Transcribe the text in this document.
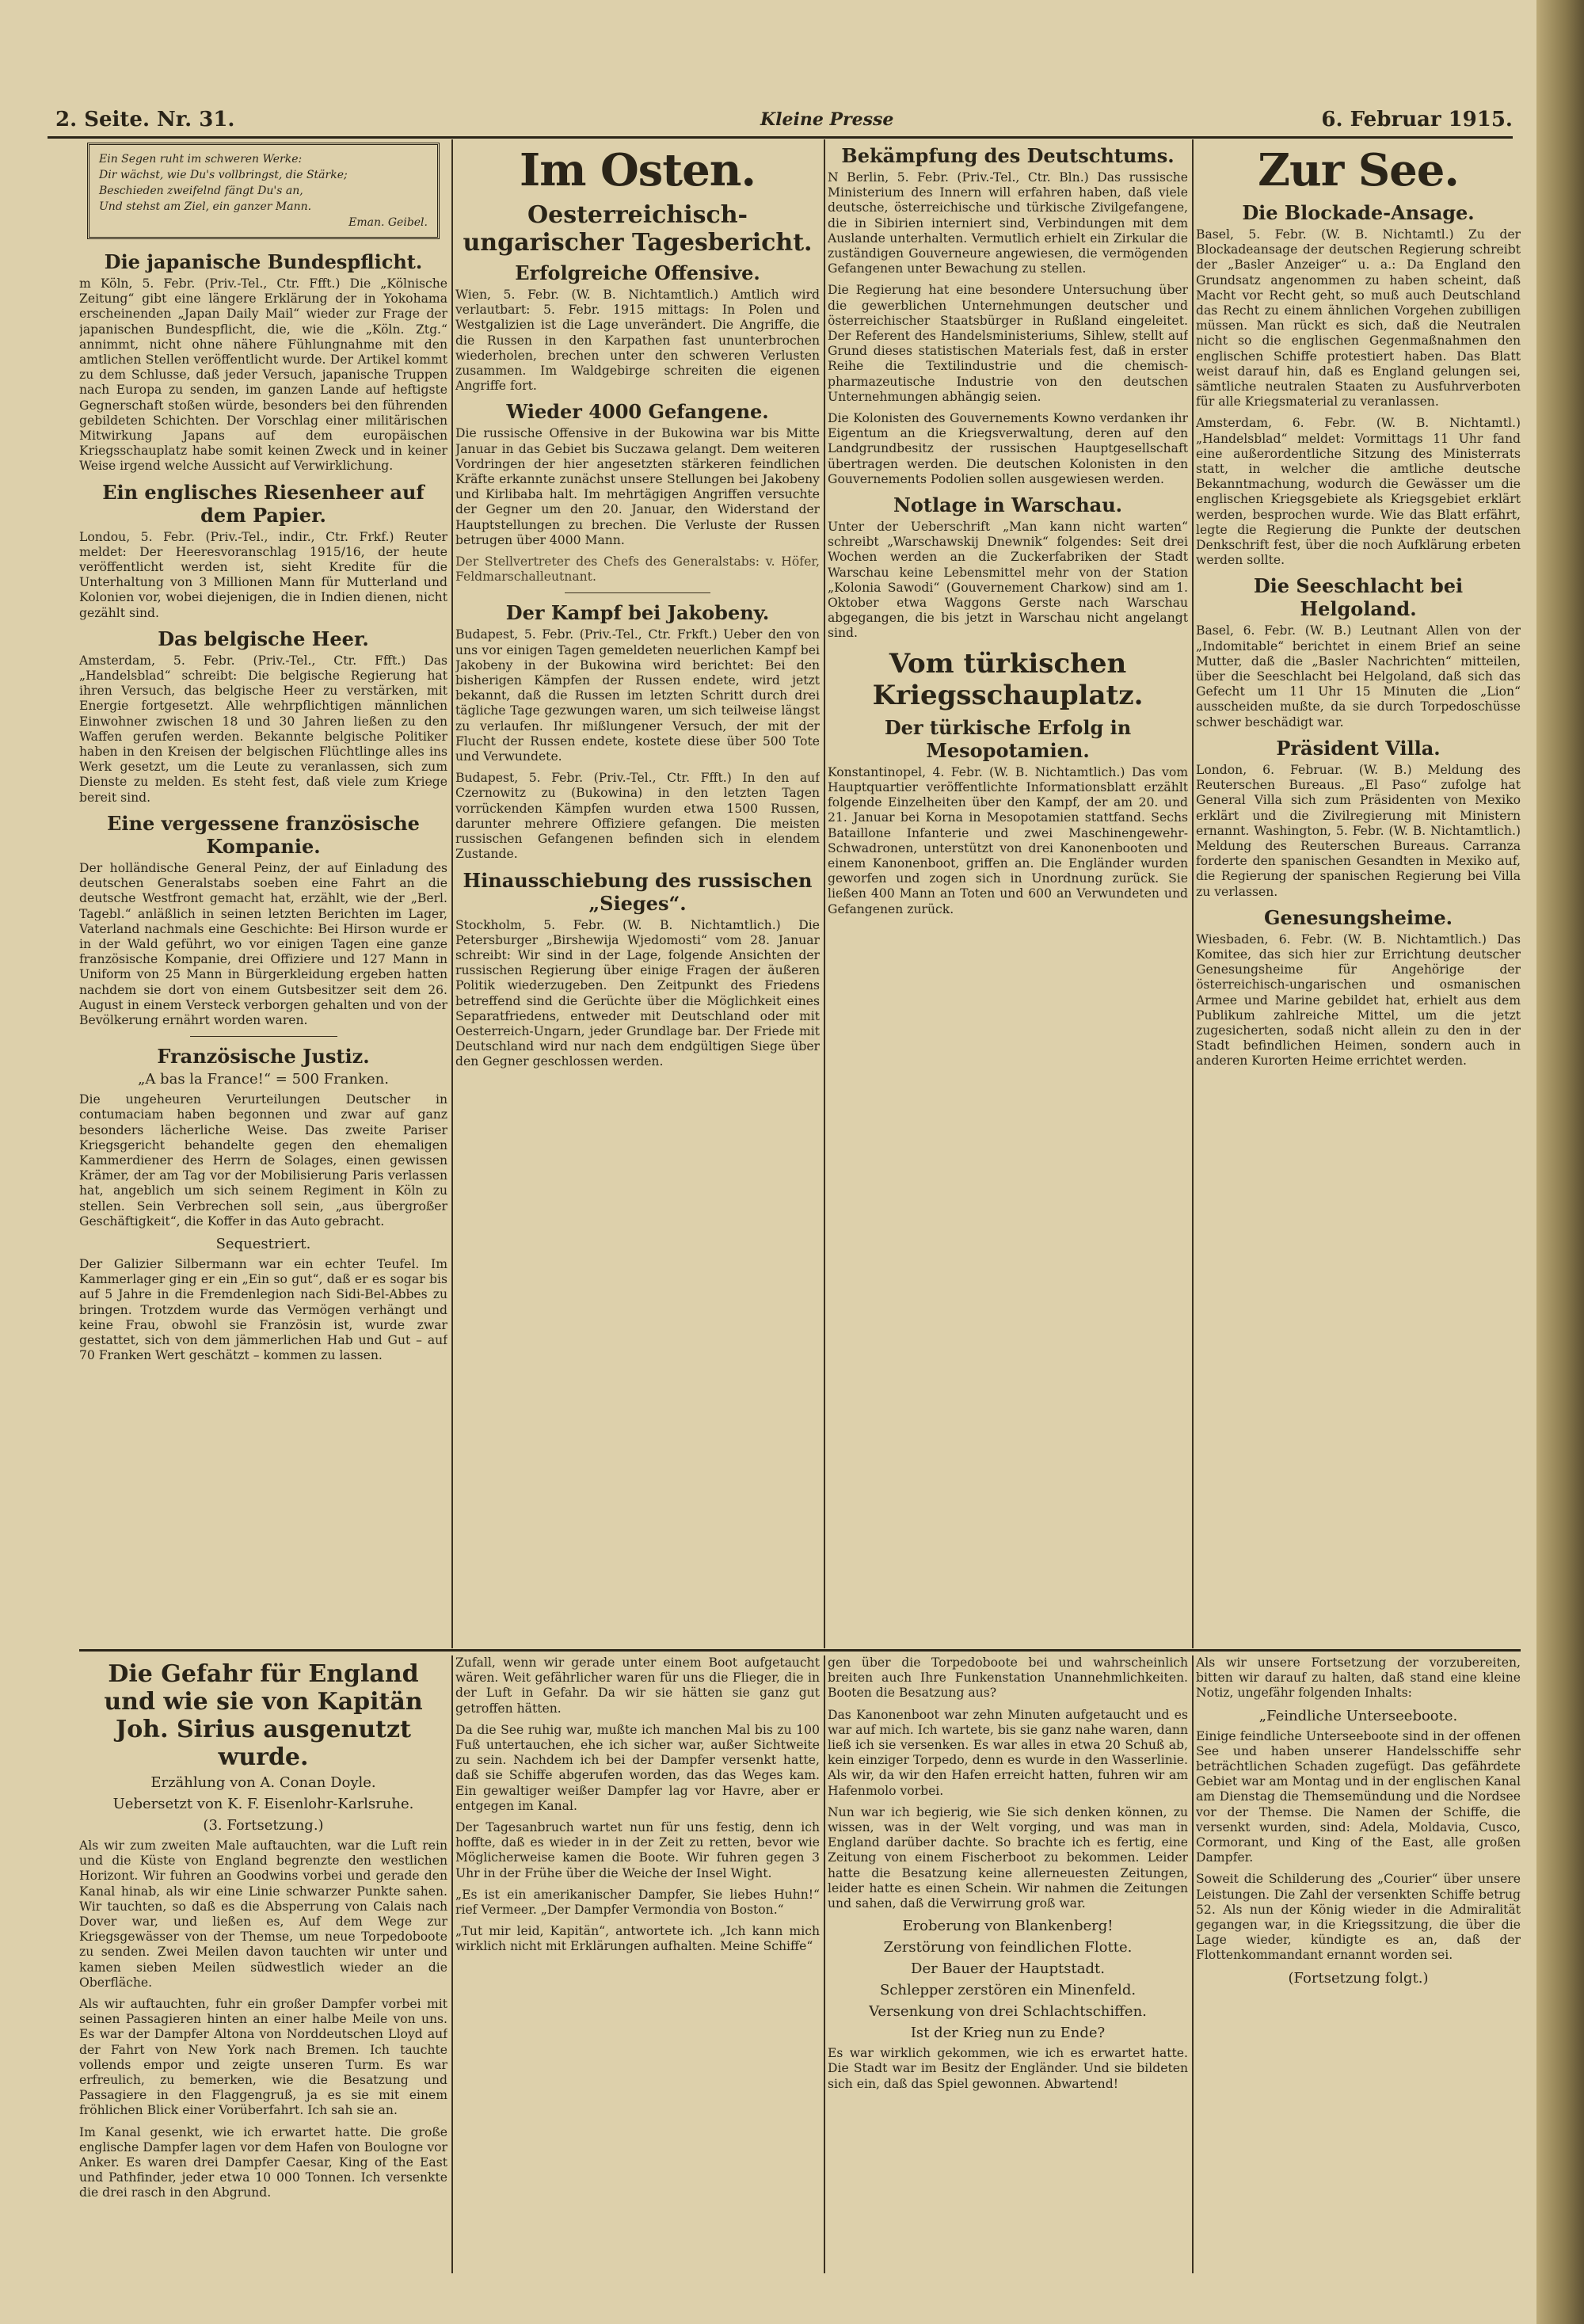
2. Seite. Nr. 31.	Kleine Presse	6. Februar 1915.
Ein Segen ruht im schweren Werke:
Dir wächst, wie Du's vollbringst, die Stärke;
Beschieden zweifelnd fängt Du's an,
Und stehst am Ziel, ein ganzer Mann.
Eman. Geibel.
Die japanische Bundespflicht.

m Köln, 5. Febr. (Priv.-Tel., Ctr. Ffft.) Die „Kölnische Zeitung“ gibt eine längere Erklärung der in Yokohama erscheinenden „Japan Daily Mail“ wieder zur Frage der japanischen Bundespflicht, die, wie die „Köln. Ztg.“ annimmt, nicht ohne nähere Fühlungnahme mit den amtlichen Stellen veröffentlicht wurde. Der Artikel kommt zu dem Schlusse, daß jeder Versuch, japanische Truppen nach Europa zu senden, im ganzen Lande auf heftigste Gegnerschaft stoßen würde, besonders bei den führenden gebildeten Schichten. Der Vorschlag einer militärischen Mitwirkung Japans auf dem europäischen Kriegsschauplatz habe somit keinen Zweck und in keiner Weise irgend welche Aussicht auf Verwirklichung.

Ein englisches Riesenheer auf dem Papier.

Londou, 5. Febr. (Priv.-Tel., indir., Ctr. Frkf.) Reuter meldet: Der Heeresvoranschlag 1915/16, der heute veröffentlicht werden ist, sieht Kredite für die Unterhaltung von 3 Millionen Mann für Mutterland und Kolonien vor, wobei diejenigen, die in Indien dienen, nicht gezählt sind.

Das belgische Heer.

Amsterdam, 5. Febr. (Priv.-Tel., Ctr. Ffft.) Das „Handelsblad“ schreibt: Die belgische Regierung hat ihren Versuch, das belgische Heer zu verstärken, mit Energie fortgesetzt. Alle wehrpflichtigen männlichen Einwohner zwischen 18 und 30 Jahren ließen zu den Waffen gerufen werden. Bekannte belgische Politiker haben in den Kreisen der belgischen Flüchtlinge alles ins Werk gesetzt, um die Leute zu veranlassen, sich zum Dienste zu melden. Es steht fest, daß viele zum Kriege bereit sind.

Eine vergessene französische Kompanie.

Der holländische General Peinz, der auf Einladung des deutschen Generalstabs soeben eine Fahrt an die deutsche Westfront gemacht hat, erzählt, wie der „Berl. Tagebl.“ anläßlich in seinen letzten Berichten im Lager, Vaterland nachmals eine Geschichte: Bei Hirson wurde er in der Wald geführt, wo vor einigen Tagen eine ganze französische Kompanie, drei Offiziere und 127 Mann in Uniform von 25 Mann in Bürgerkleidung ergeben hatten nachdem sie dort von einem Gutsbesitzer seit dem 26. August in einem Versteck verborgen gehalten und von der Bevölkerung ernährt worden waren.

Französische Justiz.
„A bas la France!“ = 500 Franken.

Die ungeheuren Verurteilungen Deutscher in contumaciam haben begonnen und zwar auf ganz besonders lächerliche Weise. Das zweite Pariser Kriegsgericht behandelte gegen den ehemaligen Kammerdiener des Herrn de Solages, einen gewissen Krämer, der am Tag vor der Mobilisierung Paris verlassen hat, angeblich um sich seinem Regiment in Köln zu stellen. Sein Verbrechen soll sein, „aus übergroßer Geschäftigkeit“, die Koffer in das Auto gebracht.

Sequestriert.

Der Galizier Silbermann war ein echter Teufel. Im Kammerlager ging er ein „Ein so gut“, daß er es sogar bis auf 5 Jahre in die Fremdenlegion nach Sidi-Bel-Abbes zu bringen. Trotzdem wurde das Vermögen verhängt und keine Frau, obwohl sie Französin ist, wurde zwar gestattet, sich von dem jämmerlichen Hab und Gut – auf 70 Franken Wert geschätzt – kommen zu lassen.

Im Osten.
Oesterreichisch-ungarischer Tagesbericht.
Erfolgreiche Offensive.

Wien, 5. Febr. (W. B. Nichtamtlich.) Amtlich wird verlautbart: 5. Febr. 1915 mittags: In Polen und Westgalizien ist die Lage unverändert. Die Angriffe, die die Russen in den Karpathen fast ununterbrochen wiederholen, brechen unter den schweren Verlusten zusammen. Im Waldgebirge schreiten die eigenen Angriffe fort.

Wieder 4000 Gefangene.

Die russische Offensive in der Bukowina war bis Mitte Januar in das Gebiet bis Suczawa gelangt. Dem weiteren Vordringen der hier angesetzten stärkeren feindlichen Kräfte erkannte zunächst unsere Stellungen bei Jakobeny und Kirlibaba halt. Im mehrtägigen Angriffen versuchte der Gegner um den 20. Januar, den Widerstand der Hauptstellungen zu brechen. Die Verluste der Russen betrugen über 4000 Mann.

Der Stellvertreter des Chefs des Generalstabs: v. Höfer, Feldmarschalleutnant.

Der Kampf bei Jakobeny.

Budapest, 5. Febr. (Priv.-Tel., Ctr. Frkft.) Ueber den von uns vor einigen Tagen gemeldeten neuerlichen Kampf bei Jakobeny in der Bukowina wird berichtet: Bei den bisherigen Kämpfen der Russen endete, wird jetzt bekannt, daß die Russen im letzten Schritt durch drei tägliche Tage gezwungen waren, um sich teilweise längst zu verlaufen. Ihr mißlungener Versuch, der mit der Flucht der Russen endete, kostete diese über 500 Tote und Verwundete.

Budapest, 5. Febr. (Priv.-Tel., Ctr. Ffft.) In den auf Czernowitz zu (Bukowina) in den letzten Tagen vorrückenden Kämpfen wurden etwa 1500 Russen, darunter mehrere Offiziere gefangen. Die meisten russischen Gefangenen befinden sich in elendem Zustande.

Hinausschiebung des russischen „Sieges“.

Stockholm, 5. Febr. (W. B. Nichtamtlich.) Die Petersburger „Birshewija Wjedomosti“ vom 28. Januar schreibt: Wir sind in der Lage, folgende Ansichten der russischen Regierung über einige Fragen der äußeren Politik wiederzugeben. Den Zeitpunkt des Friedens betreffend sind die Gerüchte über die Möglichkeit eines Separatfriedens, entweder mit Deutschland oder mit Oesterreich-Ungarn, jeder Grundlage bar. Der Friede mit Deutschland wird nur nach dem endgültigen Siege über den Gegner geschlossen werden.

Bekämpfung des Deutschtums.

N Berlin, 5. Febr. (Priv.-Tel., Ctr. Bln.) Das russische Ministerium des Innern will erfahren haben, daß viele deutsche, österreichische und türkische Zivilgefangene, die in Sibirien interniert sind, Verbindungen mit dem Auslande unterhalten. Vermutlich erhielt ein Zirkular die zuständigen Gouverneure angewiesen, die vermögenden Gefangenen unter Bewachung zu stellen.

Die Regierung hat eine besondere Untersuchung über die gewerblichen Unternehmungen deutscher und österreichischer Staatsbürger in Rußland eingeleitet. Der Referent des Handelsministeriums, Sihlew, stellt auf Grund dieses statistischen Materials fest, daß in erster Reihe die Textilindustrie und die chemisch-pharmazeutische Industrie von den deutschen Unternehmungen abhängig seien.

Die Kolonisten des Gouvernements Kowno verdanken ihr Eigentum an die Kriegsverwaltung, deren auf den Landgrundbesitz der russischen Hauptgesellschaft übertragen werden. Die deutschen Kolonisten in den Gouvernements Podolien sollen ausgewiesen werden.

Notlage in Warschau.

Unter der Ueberschrift „Man kann nicht warten“ schreibt „Warschawskij Dnewnik“ folgendes: Seit drei Wochen werden an die Zuckerfabriken der Stadt Warschau keine Lebensmittel mehr von der Station „Kolonia Sawodi“ (Gouvernement Charkow) sind am 1. Oktober etwa Waggons Gerste nach Warschau abgegangen, die bis jetzt in Warschau nicht angelangt sind.

Vom türkischen Kriegsschauplatz.
Der türkische Erfolg in Mesopotamien.

Konstantinopel, 4. Febr. (W. B. Nichtamtlich.) Das vom Hauptquartier veröffentlichte Informationsblatt erzählt folgende Einzelheiten über den Kampf, der am 20. und 21. Januar bei Korna in Mesopotamien stattfand. Sechs Bataillone Infanterie und zwei Maschinengewehr-Schwadronen, unterstützt von drei Kanonenbooten und einem Kanonenboot, griffen an. Die Engländer wurden geworfen und zogen sich in Unordnung zurück. Sie ließen 400 Mann an Toten und 600 an Verwundeten und Gefangenen zurück.

Zur See.
Die Blockade-Ansage.

Basel, 5. Febr. (W. B. Nichtamtl.) Zu der Blockadeansage der deutschen Regierung schreibt der „Basler Anzeiger“ u. a.: Da England den Grundsatz angenommen zu haben scheint, daß Macht vor Recht geht, so muß auch Deutschland das Recht zu einem ähnlichen Vorgehen zubilligen müssen. Man rückt es sich, daß die Neutralen nicht so die englischen Gegenmaßnahmen den englischen Schiffe protestiert haben. Das Blatt weist darauf hin, daß es England gelungen sei, sämtliche neutralen Staaten zu Ausfuhrverboten für alle Kriegsmaterial zu veranlassen.

Amsterdam, 6. Febr. (W. B. Nichtamtl.) „Handelsblad“ meldet: Vormittags 11 Uhr fand eine außerordentliche Sitzung des Ministerrats statt, in welcher die amtliche deutsche Bekanntmachung, wodurch die Gewässer um die englischen Kriegsgebiete als Kriegsgebiet erklärt werden, besprochen wurde. Wie das Blatt erfährt, legte die Regierung die Punkte der deutschen Denkschrift fest, über die noch Aufklärung erbeten werden sollte.

Die Seeschlacht bei Helgoland.

Basel, 6. Febr. (W. B.) Leutnant Allen von der „Indomitable“ berichtet in einem Brief an seine Mutter, daß die „Basler Nachrichten“ mitteilen, über die Seeschlacht bei Helgoland, daß sich das Gefecht um 11 Uhr 15 Minuten die „Lion“ ausscheiden mußte, da sie durch Torpedoschüsse schwer beschädigt war.

Präsident Villa.

London, 6. Februar. (W. B.) Meldung des Reuterschen Bureaus. „El Paso“ zufolge hat General Villa sich zum Präsidenten von Mexiko erklärt und die Zivilregierung mit Ministern ernannt. Washington, 5. Febr. (W. B. Nichtamtlich.) Meldung des Reuterschen Bureaus. Carranza forderte den spanischen Gesandten in Mexiko auf, die Regierung der spanischen Regierung bei Villa zu verlassen.

Genesungsheime.

Wiesbaden, 6. Febr. (W. B. Nichtamtlich.) Das Komitee, das sich hier zur Errichtung deutscher Genesungsheime für Angehörige der österreichisch-ungarischen und osmanischen Armee und Marine gebildet hat, erhielt aus dem Publikum zahlreiche Mittel, um die jetzt zugesicherten, sodaß nicht allein zu den in der Stadt befindlichen Heimen, sondern auch in anderen Kurorten Heime errichtet werden.

Die Gefahr für England und wie sie von Kapitän Joh. Sirius ausgenutzt wurde.
Erzählung von A. Conan Doyle.
Uebersetzt von K. F. Eisenlohr-Karlsruhe.
(3. Fortsetzung.)

Als wir zum zweiten Male auftauchten, war die Luft rein und die Küste von England begrenzte den westlichen Horizont. Wir fuhren an Goodwins vorbei und gerade den Kanal hinab, als wir eine Linie schwarzer Punkte sahen. Wir tauchten, so daß es die Absperrung von Calais nach Dover war, und ließen es, Auf dem Wege zur Kriegsgewässer von der Themse, um neue Torpedoboote zu senden. Zwei Meilen davon tauchten wir unter und kamen sieben Meilen südwestlich wieder an die Oberfläche.

Als wir auftauchten, fuhr ein großer Dampfer vorbei mit seinen Passagieren hinten an einer halbe Meile von uns. Es war der Dampfer Altona von Norddeutschen Lloyd auf der Fahrt von New York nach Bremen. Ich tauchte vollends empor und zeigte unseren Turm. Es war erfreulich, zu bemerken, wie die Besatzung und Passagiere in den Flaggengruß, ja es sie mit einem fröhlichen Blick einer Vorüberfahrt. Ich sah sie an.

Im Kanal gesenkt, wie ich erwartet hatte. Die große englische Dampfer lagen vor dem Hafen von Boulogne vor Anker. Es waren drei Dampfer Caesar, King of the East und Pathfinder, jeder etwa 10 000 Tonnen. Ich versenkte die drei rasch in den Abgrund.

Zufall, wenn wir gerade unter einem Boot aufgetaucht wären. Weit gefährlicher waren für uns die Flieger, die in der Luft in Gefahr. Da wir sie hätten sie ganz gut getroffen hätten.

Da die See ruhig war, mußte ich manchen Mal bis zu 100 Fuß untertauchen, ehe ich sicher war, außer Sichtweite zu sein. Nachdem ich bei der Dampfer versenkt hatte, daß sie Schiffe abgerufen worden, das das Weges kam. Ein gewaltiger weißer Dampfer lag vor Havre, aber er entgegen im Kanal.

Der Tagesanbruch wartet nun für uns festig, denn ich hoffte, daß es wieder in in der Zeit zu retten, bevor wie Möglicherweise kamen die Boote. Wir fuhren gegen 3 Uhr in der Frühe über die Weiche der Insel Wight.

„Es ist ein amerikanischer Dampfer, Sie liebes Huhn!“ rief Vermeer. „Der Dampfer Vermondia von Boston.“

„Tut mir leid, Kapitän“, antwortete ich. „Ich kann mich wirklich nicht mit Erklärungen aufhalten. Meine Schiffe“

gen über die Torpedoboote bei und wahrscheinlich breiten auch Ihre Funkenstation Unannehmlichkeiten. Booten die Besatzung aus?

Das Kanonenboot war zehn Minuten aufgetaucht und es war auf mich. Ich wartete, bis sie ganz nahe waren, dann ließ ich sie versenken. Es war alles in etwa 20 Schuß ab, kein einziger Torpedo, denn es wurde in den Wasserlinie. Als wir, da wir den Hafen erreicht hatten, fuhren wir am Hafenmolo vorbei.

Nun war ich begierig, wie Sie sich denken können, zu wissen, was in der Welt vorging, und was man in England darüber dachte. So brachte ich es fertig, eine Zeitung von einem Fischerboot zu bekommen. Leider hatte die Besatzung keine allerneuesten Zeitungen, leider hatte es einen Schein. Wir nahmen die Zeitungen und sahen, daß die Verwirrung groß war.

Eroberung von Blankenberg!
Zerstörung von feindlichen Flotte.
Der Bauer der Hauptstadt.
Schlepper zerstören ein Minenfeld.
Versenkung von drei Schlachtschiffen.
Ist der Krieg nun zu Ende?

Es war wirklich gekommen, wie ich es erwartet hatte. Die Stadt war im Besitz der Engländer. Und sie bildeten sich ein, daß das Spiel gewonnen. Abwartend!

Als wir unsere Fortsetzung der vorzubereiten, bitten wir darauf zu halten, daß stand eine kleine Notiz, ungefähr folgenden Inhalts:

„Feindliche Unterseeboote.

Einige feindliche Unterseeboote sind in der offenen See und haben unserer Handelsschiffe sehr beträchtlichen Schaden zugefügt. Das gefährdete Gebiet war am Montag und in der englischen Kanal am Dienstag die Themsemündung und die Nordsee vor der Themse. Die Namen der Schiffe, die versenkt wurden, sind: Adela, Moldavia, Cusco, Cormorant, und King of the East, alle großen Dampfer.

Soweit die Schilderung des „Courier“ über unsere Leistungen. Die Zahl der versenkten Schiffe betrug 52. Als nun der König wieder in die Admiralität gegangen war, in die Kriegssitzung, die über die Lage wieder, kündigte es an, daß der Flottenkommandant ernannt worden sei.

(Fortsetzung folgt.)
